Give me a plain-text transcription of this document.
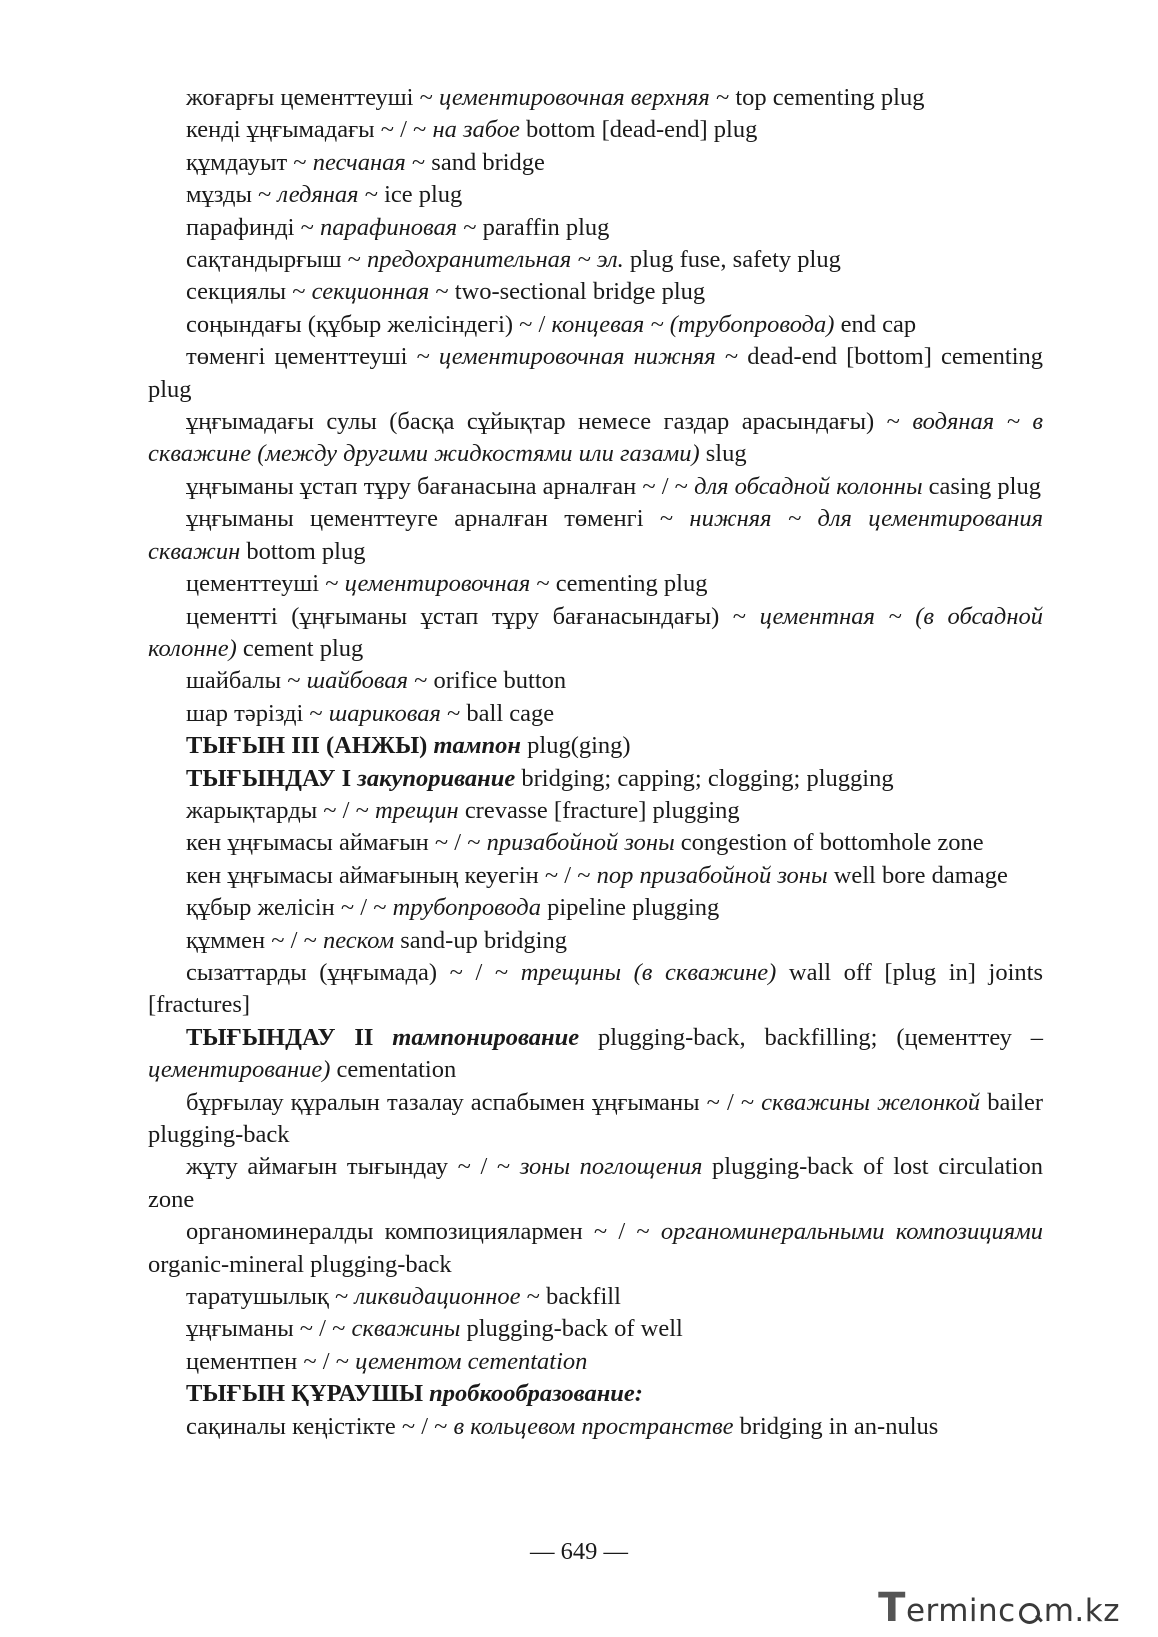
жоғарғы цементтеуші ~ цементировочная верхняя ~ top cementing plug

кенді ұңғымадағы ~ / ~ на забое bottom [dead-end] plug

құмдауыт ~ песчаная ~ sand bridge

мұзды ~ ледяная ~ ice plug

парафинді ~ парафиновая ~ paraffin plug

сақтандырғыш ~ предохранительная ~ эл. plug fuse, safety plug

секциялы ~ секционная ~ two-sectional bridge plug

соңындағы (құбыр желісіндегі) ~ / концевая ~ (трубопровода) end cap

төменгі цементтеуші ~ цементировочная нижняя ~ dead-end [bottom] cementing plug

ұңғымадағы сулы (басқа сұйықтар немесе газдар арасындағы) ~ водяная ~ в скважине (между другими жидкостями или газами) slug

ұңғыманы ұстап тұру бағанасына арналған ~ / ~ для обсадной колонны casing plug

ұңғыманы цементтеуге арналған төменгі ~ нижняя ~ для цементирования скважин bottom plug

цементтеуші ~ цементировочная ~ cementing plug

цементті (ұңғыманы ұстап тұру бағанасындағы) ~ цементная ~ (в обсадной колонне) cement plug

шайбалы ~ шайбовая ~ orifice button

шар тәрізді ~ шариковая ~ ball cage

ТЫҒЫН III (АНЖЫ) тампон plug(ging)

ТЫҒЫНДАУ I закупоривание bridging; capping; clogging; plugging

жарықтарды ~ / ~ трещин crevasse [fracture] plugging

кен ұңғымасы аймағын ~ / ~ призабойной зоны congestion of bottomhole zone

кен ұңғымасы аймағының кеуегін ~ / ~ пор призабойной зоны well bore damage

құбыр желісін ~ / ~ трубопровода pipeline plugging

құммен ~ / ~ песком sand-up bridging

сызаттарды (ұңғымада) ~ / ~ трещины (в скважине) wall off [plug in] joints [fractures]

ТЫҒЫНДАУ II тампонирование plugging-back, backfilling; (цементтеу – цементирование) cementation

бұрғылау құралын тазалау аспабымен ұңғыманы ~ / ~ скважины желонкой bailer plugging-back

жұту аймағын тығындау ~ / ~ зоны поглощения plugging-back of lost circulation zone

органоминералды композициялармен ~ / ~ органоминеральными композициями organic-mineral plugging-back

таратушылық ~ ликвидационное ~ backfill

ұңғыманы ~ / ~ скважины plugging-back of well

цементпен ~ / ~ цементом сementation

ТЫҒЫН ҚҰРАУШЫ пробкообразование:

сақиналы кеңістікте ~ / ~ в кольцевом пространстве bridging in an-nulus

— 649 —
Terminc m.kz
